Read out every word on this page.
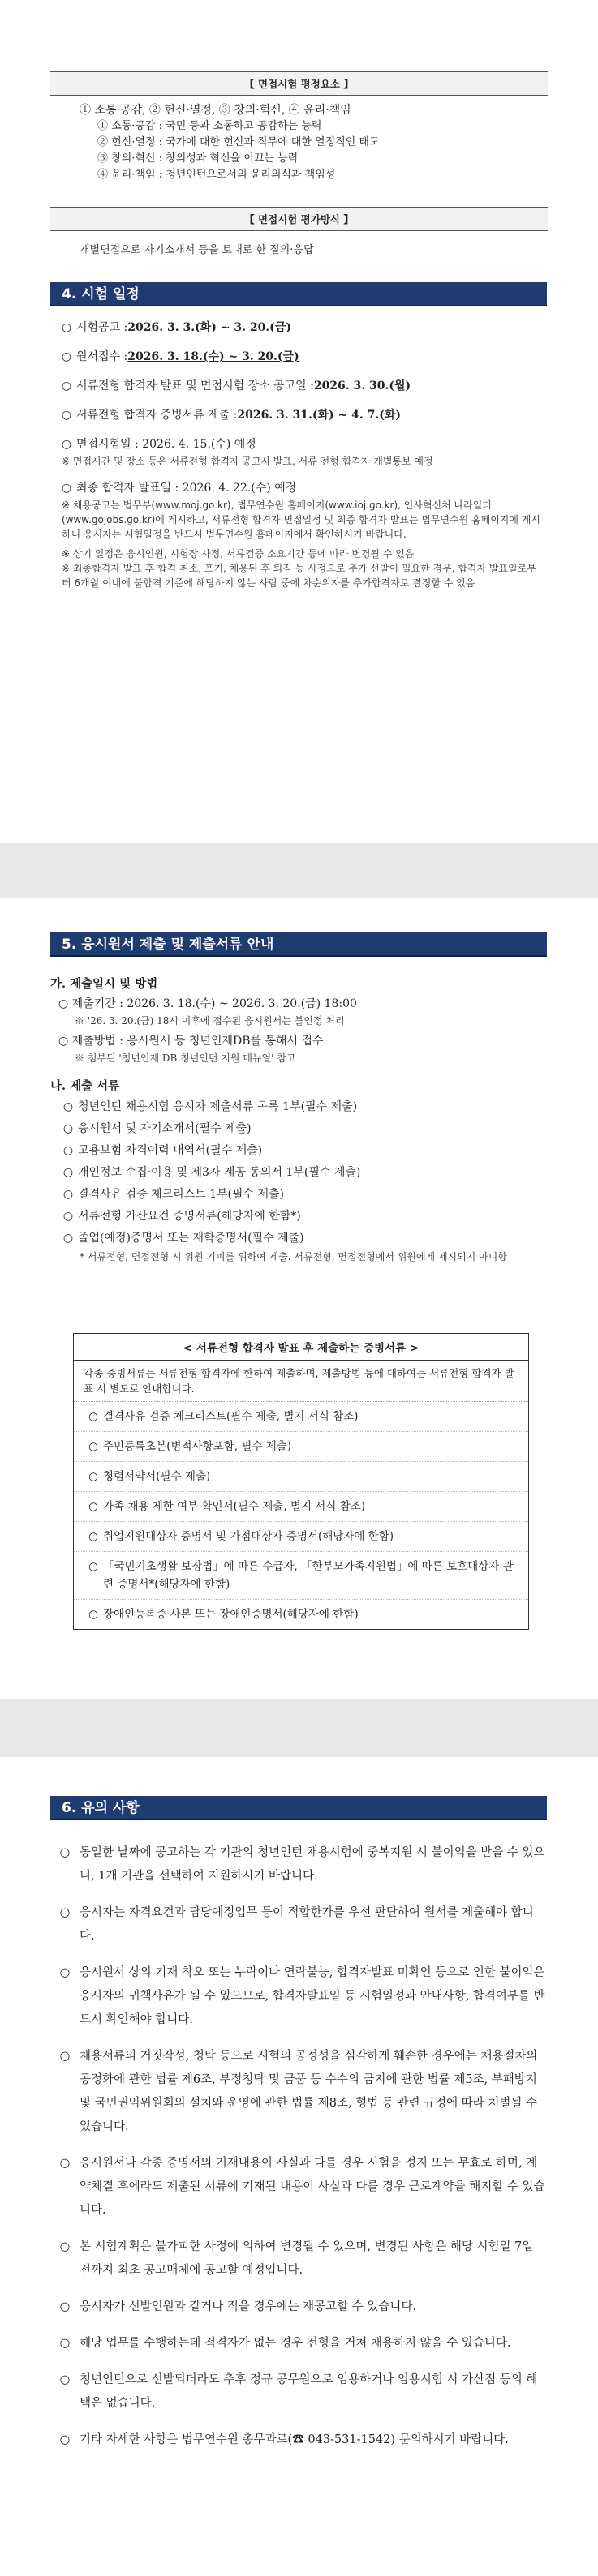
【 면접시험 평정요소 】
① 소통·공감, ② 헌신·열정, ③ 창의·혁신, ④ 윤리·책임
① 소통·공감 : 국민 등과 소통하고 공감하는 능력
② 헌신·열정 : 국가에 대한 헌신과 직무에 대한 열정적인 태도
③ 창의·혁신 : 창의성과 혁신을 이끄는 능력
④ 윤리·책임 : 청년인턴으로서의 윤리의식과 책임성
【 면접시험 평가방식 】
개별면접으로 자기소개서 등을 토대로 한 질의·응답
4. 시험 일정
○ 시험공고 : 2026. 3. 3.(화) ~ 3. 20.(금)
○ 원서접수 : 2026. 3. 18.(수) ~ 3. 20.(금)
○ 서류전형 합격자 발표 및 면접시험 장소 공고일 : 2026. 3. 30.(월)
○ 서류전형 합격자 증빙서류 제출 : 2026. 3. 31.(화) ~ 4. 7.(화)
○ 면접시험일 : 2026. 4. 15.(수) 예정
※ 면접시간 및 장소 등은 서류전형 합격자 공고시 발표, 서류 전형 합격자 개별통보 예정
○ 최종 합격자 발표일 : 2026. 4. 22.(수) 예정
※ 채용공고는 법무부(www.moj.go.kr), 법무연수원 홈페이지(www.ioj.go.kr), 인사혁신처 나라일터(www.gojobs.go.kr)에 게시하고, 서류전형 합격자·면접일정 및 최종 합격자 발표는 법무연수원 홈페이지에 게시하니 응시자는 시험일정을 반드시 법무연수원 홈페이지에서 확인하시기 바랍니다.
※ 상기 일정은 응시인원, 시험장 사정, 서류검증 소요기간 등에 따라 변경될 수 있음
※ 최종합격자 발표 후 합격 취소, 포기, 채용된 후 퇴직 등 사정으로 추가 선발이 필요한 경우, 합격자 발표일로부터 6개월 이내에 불합격 기준에 해당하지 않는 사람 중에 차순위자를 추가합격자로 결정할 수 있음
5. 응시원서 제출 및 제출서류 안내
가. 제출일시 및 방법
○ 제출기간 : 2026. 3. 18.(수) ~ 2026. 3. 20.(금) 18:00
※ '26. 3. 20.(금) 18시 이후에 접수된 응시원서는 불인정 처리
○ 제출방법 : 응시원서 등 청년인재DB를 통해서 접수
※ 첨부된 '청년인재 DB 청년인턴 지원 매뉴얼' 참고
나. 제출 서류
○ 청년인턴 채용시험 응시자 제출서류 목록 1부(필수 제출)
○ 응시원서 및 자기소개서(필수 제출)
○ 고용보험 자격이력 내역서(필수 제출)
○ 개인정보 수집·이용 및 제3자 제공 동의서 1부(필수 제출)
○ 결격사유 검증 체크리스트 1부(필수 제출)
○ 서류전형 가산요건 증명서류(해당자에 한함*)
○ 졸업(예정)증명서 또는 재학증명서(필수 제출)
* 서류전형, 면접전형 시 위원 기피를 위하여 제출. 서류전형, 면접전형에서 위원에게 제시되지 아니함
< 서류전형 합격자 발표 후 제출하는 증빙서류 >
각종 증빙서류는 서류전형 합격자에 한하여 제출하며, 제출방법 등에 대하여는 서류전형 합격자 발표 시 별도로 안내합니다.
○ 결격사유 검증 체크리스트(필수 제출, 별지 서식 참조)
○ 주민등록초본(병적사항포함, 필수 제출)
○ 청렴서약서(필수 제출)
○ 가족 채용 제한 여부 확인서(필수 제출, 별지 서식 참조)
○ 취업지원대상자 증명서 및 가점대상자 증명서(해당자에 한함)
○ 「국민기초생활 보장법」에 따른 수급자, 「한부모가족지원법」에 따른 보호대상자 관련 증명서*(해당자에 한함)
○ 장애인등록증 사본 또는 장애인증명서(해당자에 한함)
6. 유의 사항
○ 동일한 날짜에 공고하는 각 기관의 청년인턴 채용시험에 중복지원 시 불이익을 받을 수 있으니, 1개 기관을 선택하여 지원하시기 바랍니다.
○ 응시자는 자격요건과 담당예정업무 등이 적합한가를 우선 판단하여 원서를 제출해야 합니다.
○ 응시원서 상의 기재 착오 또는 누락이나 연락불능, 합격자발표 미확인 등으로 인한 불이익은 응시자의 귀책사유가 될 수 있으므로, 합격자발표일 등 시험일정과 안내사항, 합격여부를 반드시 확인해야 합니다.
○ 채용서류의 거짓작성, 청탁 등으로 시험의 공정성을 심각하게 훼손한 경우에는 채용절차의 공정화에 관한 법률 제6조, 부정청탁 및 금품 등 수수의 금지에 관한 법률 제5조, 부패방지 및 국민권익위원회의 설치와 운영에 관한 법률 제8조, 형법 등 관련 규정에 따라 처벌될 수 있습니다.
○ 응시원서나 각종 증명서의 기재내용이 사실과 다를 경우 시험을 정지 또는 무효로 하며, 계약체결 후에라도 제출된 서류에 기재된 내용이 사실과 다를 경우 근로계약을 해지할 수 있습니다.
○ 본 시험계획은 불가피한 사정에 의하여 변경될 수 있으며, 변경된 사항은 해당 시험일 7일 전까지 최초 공고매체에 공고할 예정입니다.
○ 응시자가 선발인원과 같거나 적을 경우에는 재공고할 수 있습니다.
○ 해당 업무를 수행하는데 적격자가 없는 경우 전형을 거쳐 채용하지 않을 수 있습니다.
○ 청년인턴으로 선발되더라도 추후 정규 공무원으로 임용하거나 임용시험 시 가산점 등의 혜택은 없습니다.
○ 기타 자세한 사항은 법무연수원 총무과로(☎ 043-531-1542) 문의하시기 바랍니다.
